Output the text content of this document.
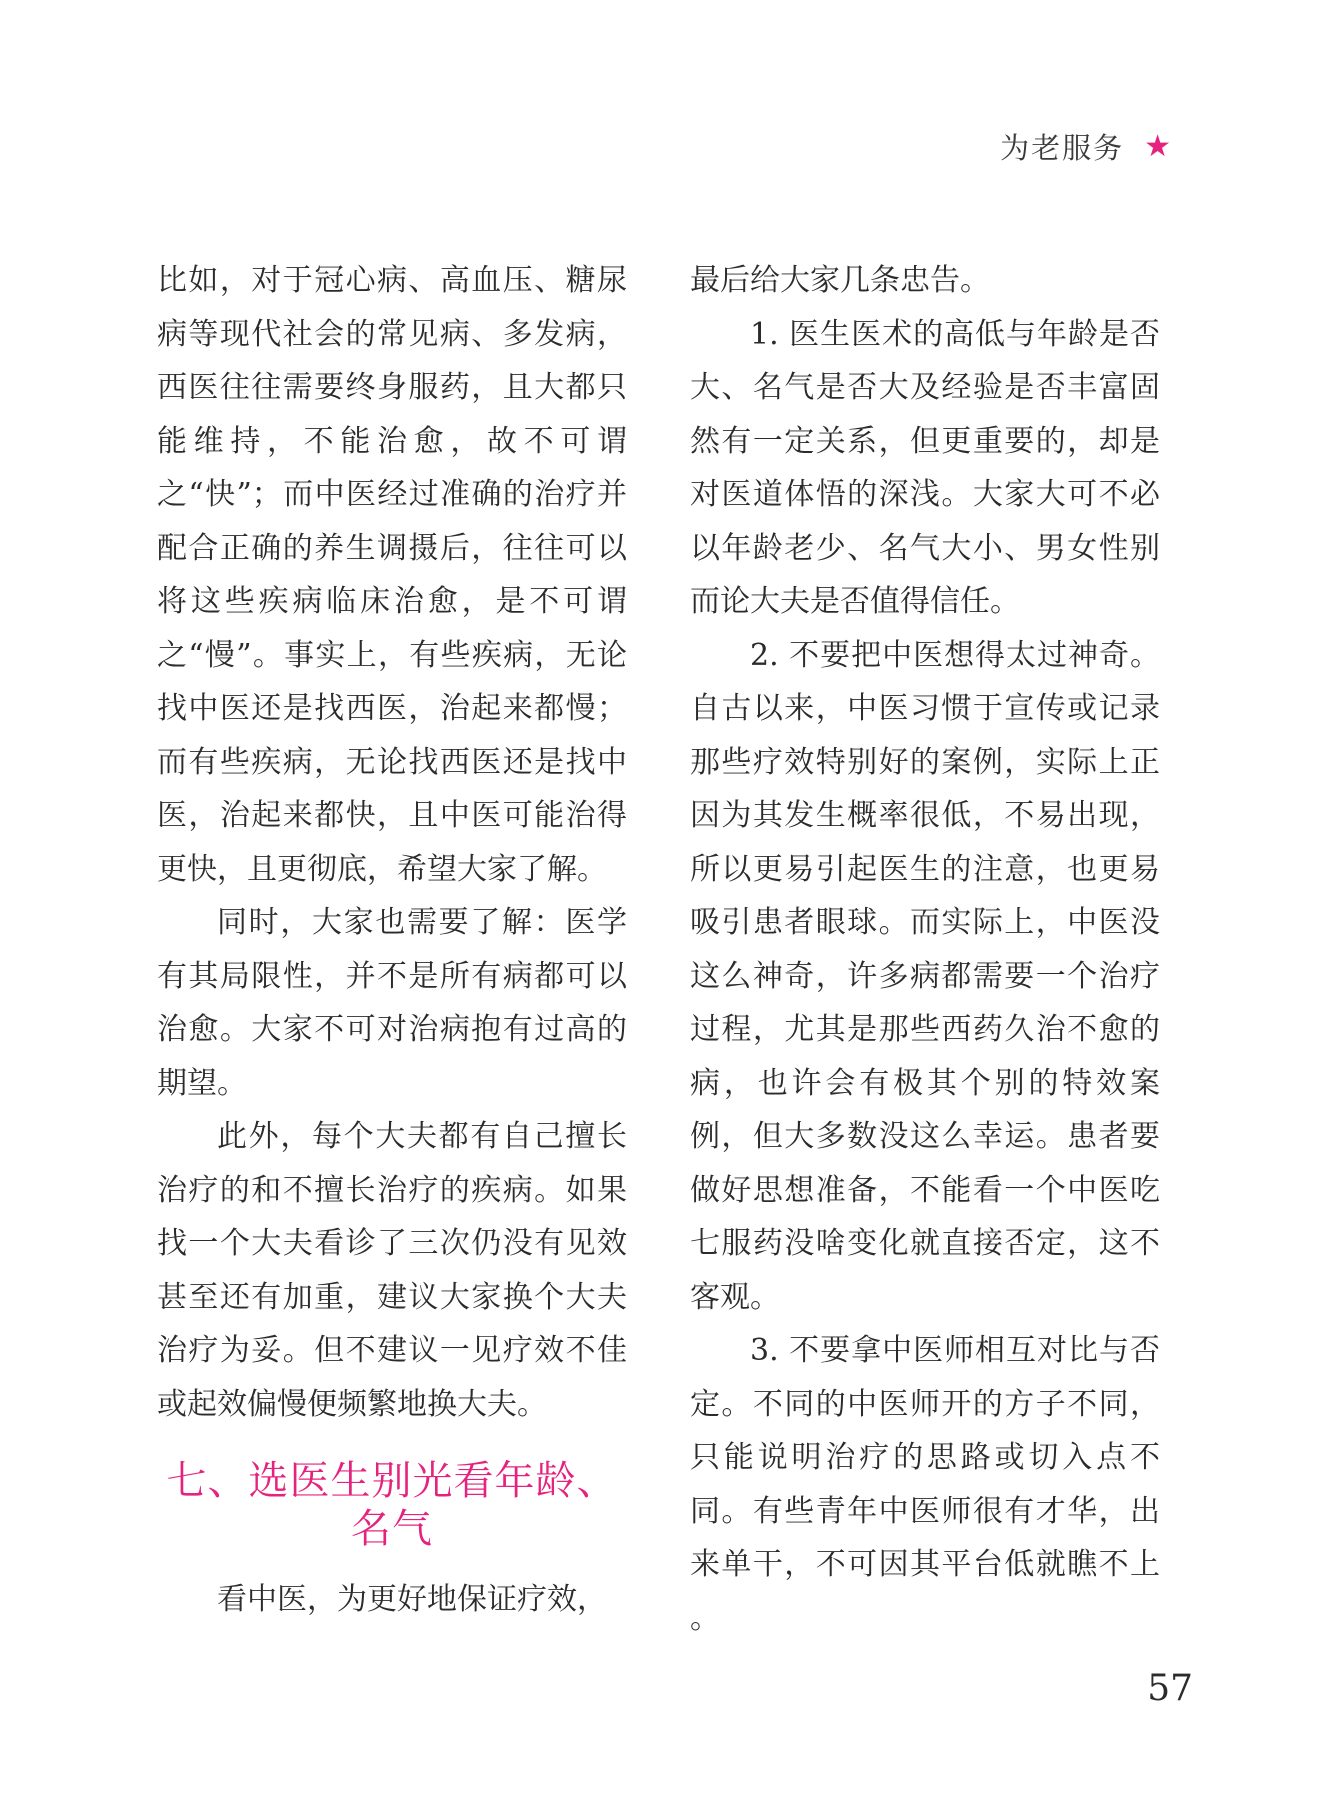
为老服务 ★

比如，对于冠心病、高血压、糖尿病等现代社会的常见病、多发病，西医往往需要终身服药，且大都只能维持，不能治愈，故不可谓之“快”；而中医经过准确的治疗并配合正确的养生调摄后，往往可以将这些疾病临床治愈，是不可谓之“慢”。事实上，有些疾病，无论找中医还是找西医，治起来都慢；而有些疾病，无论找西医还是找中医，治起来都快，且中医可能治得更快，且更彻底，希望大家了解。

同时，大家也需要了解：医学有其局限性，并不是所有病都可以治愈。大家不可对治病抱有过高的期望。

此外，每个大夫都有自己擅长治疗的和不擅长治疗的疾病。如果找一个大夫看诊了三次仍没有见效甚至还有加重，建议大家换个大夫治疗为妥。但不建议一见疗效不佳或起效偏慢便频繁地换大夫。

七、选医生别光看年龄、
名气

看中医，为更好地保证疗效，

最后给大家几条忠告。

1. 医生医术的高低与年龄是否大、名气是否大及经验是否丰富固然有一定关系，但更重要的，却是对医道体悟的深浅。大家大可不必以年龄老少、名气大小、男女性别而论大夫是否值得信任。

2. 不要把中医想得太过神奇。自古以来，中医习惯于宣传或记录那些疗效特别好的案例，实际上正因为其发生概率很低，不易出现，所以更易引起医生的注意，也更易吸引患者眼球。而实际上，中医没这么神奇，许多病都需要一个治疗过程，尤其是那些西药久治不愈的病，也许会有极其个别的特效案例，但大多数没这么幸运。患者要做好思想准备，不能看一个中医吃七服药没啥变化就直接否定，这不客观。

3. 不要拿中医师相互对比与否定。不同的中医师开的方子不同，只能说明治疗的思路或切入点不同。有些青年中医师很有才华，出来单干，不可因其平台低就瞧不上 。

57
